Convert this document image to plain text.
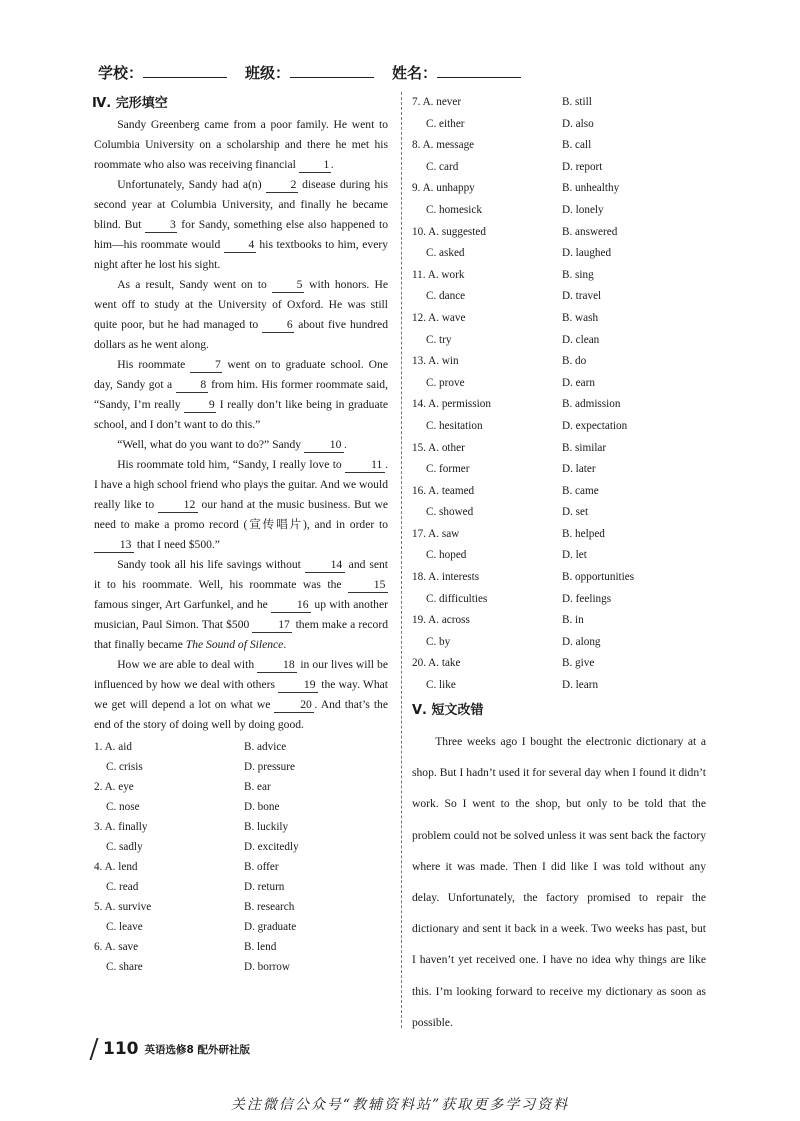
学校：	班级：	姓名：
Ⅳ. 完形填空

Sandy Greenberg came from a poor family. He went to Columbia University on a scholarship and there he met his roommate who also was receiving financial 1 .

Unfortunately, Sandy had a(n) 2 disease during his second year at Columbia University, and finally he became blind. But 3 for Sandy, something else also happened to him—his roommate would 4 his textbooks to him, every night after he lost his sight.

As a result, Sandy went on to 5 with honors. He went off to study at the University of Oxford. He was still quite poor, but he had managed to 6 about five hundred dollars as he went along.

His roommate 7 went on to graduate school. One day, Sandy got a 8 from him. His former roommate said, “Sandy, I’m really 9 I really don’t like being in graduate school, and I don’t want to do this.”

“Well, what do you want to do?” Sandy 10 .

His roommate told him, “Sandy, I really love to 11 . I have a high school friend who plays the guitar. And we would really like to 12 our hand at the music business. But we need to make a promo record (宣传唱片), and in order to 13 that I need $500.”

Sandy took all his life savings without 14 and sent it to his roommate. Well, his roommate was the 15 famous singer, Art Garfunkel, and he 16 up with another musician, Paul Simon. That $500 17 them make a record that finally became The Sound of Silence.

How we are able to deal with 18 in our lives will be influenced by how we deal with others 19 the way. What we get will depend a lot on what we 20 . And that’s the end of the story of doing well by doing good.

1. A. aid	B. advice
C. crisis	D. pressure
2. A. eye	B. ear
C. nose	D. bone
3. A. finally	B. luckily
C. sadly	D. excitedly
4. A. lend	B. offer
C. read	D. return
5. A. survive	B. research
C. leave	D. graduate
6. A. save	B. lend
C. share	D. borrow
7. A. never	B. still
C. either	D. also
8. A. message	B. call
C. card	D. report
9. A. unhappy	B. unhealthy
C. homesick	D. lonely
10. A. suggested	B. answered
C. asked	D. laughed
11. A. work	B. sing
C. dance	D. travel
12. A. wave	B. wash
C. try	D. clean
13. A. win	B. do
C. prove	D. earn
14. A. permission	B. admission
C. hesitation	D. expectation
15. A. other	B. similar
C. former	D. later
16. A. teamed	B. came
C. showed	D. set
17. A. saw	B. helped
C. hoped	D. let
18. A. interests	B. opportunities
C. difficulties	D. feelings
19. A. across	B. in
C. by	D. along
20. A. take	B. give
C. like	D. learn
Ⅴ. 短文改错

Three weeks ago I bought the electronic dictionary at a shop. But I hadn’t used it for several day when I found it didn’t work. So I went to the shop, but only to be told that the problem could not be solved unless it was sent back the factory where it was made. Then I did like I was told without any delay. Unfortunately, the factory promised to repair the dictionary and sent it back in a week. Two weeks has past, but I haven’t yet received one. I have no idea why things are like this. I’m looking forward to receive my dictionary as soon as possible.

110 英语选修8 配外研社版
关注微信公众号“教辅资料站”获取更多学习资料
